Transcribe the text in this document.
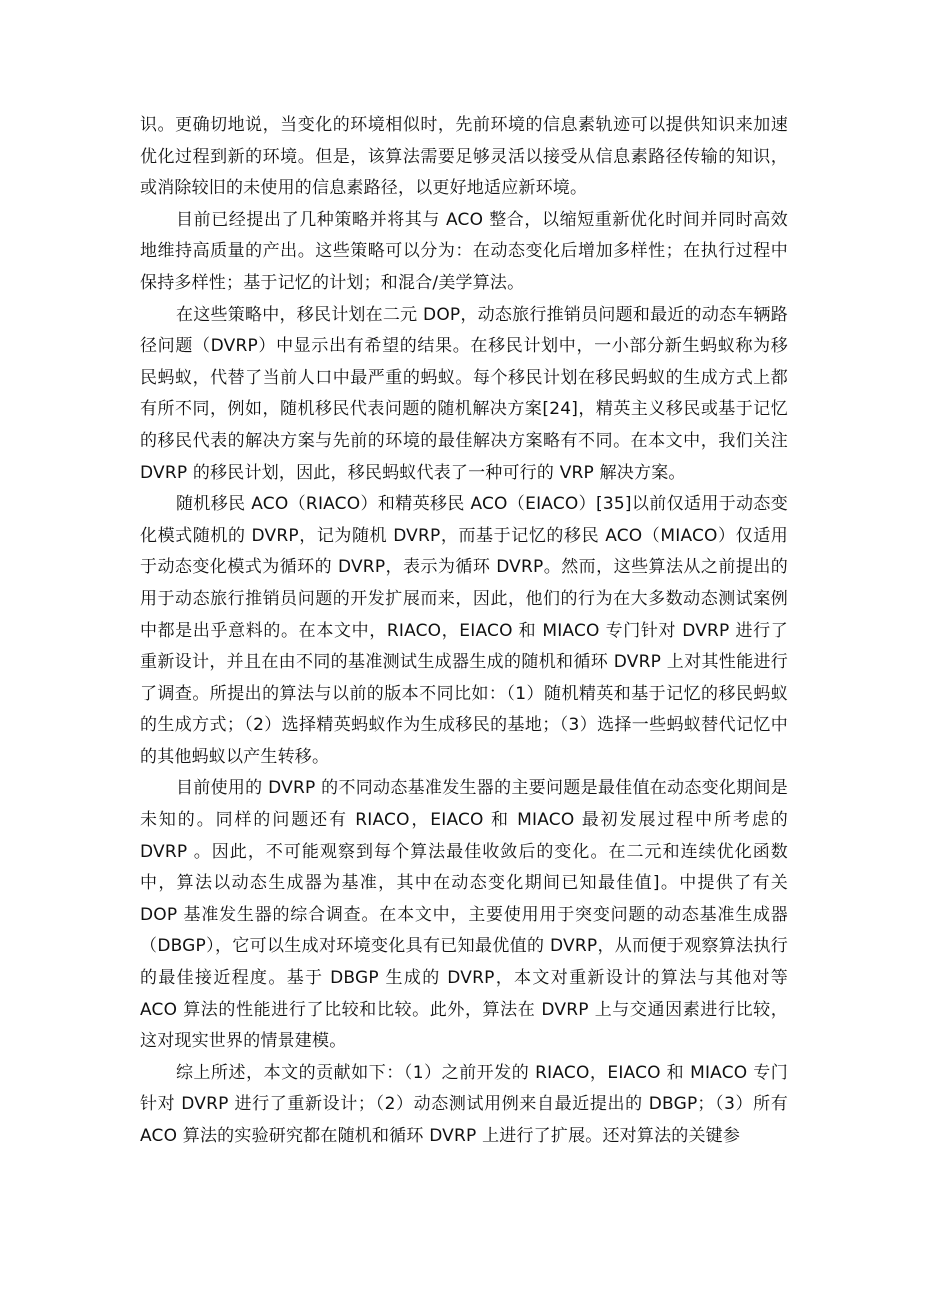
识。更确切地说，当变化的环境相似时，先前环境的信息素轨迹可以提供知识来加速优化过程到新的环境。但是，该算法需要足够灵活以接受从信息素路径传输的知识，或消除较旧的未使用的信息素路径，以更好地适应新环境。

目前已经提出了几种策略并将其与 ACO 整合，以缩短重新优化时间并同时高效地维持高质量的产出。这些策略可以分为：在动态变化后增加多样性；在执行过程中保持多样性；基于记忆的计划；和混合/美学算法。

在这些策略中，移民计划在二元 DOP，动态旅行推销员问题和最近的动态车辆路径问题（DVRP）中显示出有希望的结果。在移民计划中，一小部分新生蚂蚁称为移民蚂蚁，代替了当前人口中最严重的蚂蚁。每个移民计划在移民蚂蚁的生成方式上都有所不同，例如，随机移民代表问题的随机解决方案[24]，精英主义移民或基于记忆的移民代表的解决方案与先前的环境的最佳解决方案略有不同。在本文中，我们关注 DVRP 的移民计划，因此，移民蚂蚁代表了一种可行的 VRP 解决方案。

随机移民 ACO（RIACO）和精英移民 ACO（EIACO）[35]以前仅适用于动态变化模式随机的 DVRP，记为随机 DVRP，而基于记忆的移民 ACO（MIACO）仅适用于动态变化模式为循环的 DVRP，表示为循环 DVRP。然而，这些算法从之前提出的用于动态旅行推销员问题的开发扩展而来，因此，他们的行为在大多数动态测试案例中都是出乎意料的。在本文中，RIACO，EIACO 和 MIACO 专门针对 DVRP 进行了重新设计，并且在由不同的基准测试生成器生成的随机和循环 DVRP 上对其性能进行了调查。所提出的算法与以前的版本不同比如：（1）随机精英和基于记忆的移民蚂蚁的生成方式；（2）选择精英蚂蚁作为生成移民的基地；（3）选择一些蚂蚁替代记忆中的其他蚂蚁以产生转移。

目前使用的 DVRP 的不同动态基准发生器的主要问题是最佳值在动态变化期间是未知的。同样的问题还有 RIACO，EIACO 和 MIACO 最初发展过程中所考虑的 DVRP 。因此，不可能观察到每个算法最佳收敛后的变化。在二元和连续优化函数中，算法以动态生成器为基准，其中在动态变化期间已知最佳值]。中提供了有关 DOP 基准发生器的综合调查。在本文中，主要使用用于突变问题的动态基准生成器（DBGP），它可以生成对环境变化具有已知最优值的 DVRP，从而便于观察算法执行的最佳接近程度。基于 DBGP 生成的 DVRP，本文对重新设计的算法与其他对等 ACO 算法的性能进行了比较和比较。此外，算法在 DVRP 上与交通因素进行比较，这对现实世界的情景建模。

综上所述，本文的贡献如下：（1）之前开发的 RIACO，EIACO 和 MIACO 专门针对 DVRP 进行了重新设计；（2）动态测试用例来自最近提出的 DBGP；（3）所有 ACO 算法的实验研究都在随机和循环 DVRP 上进行了扩展。还对算法的关键参
